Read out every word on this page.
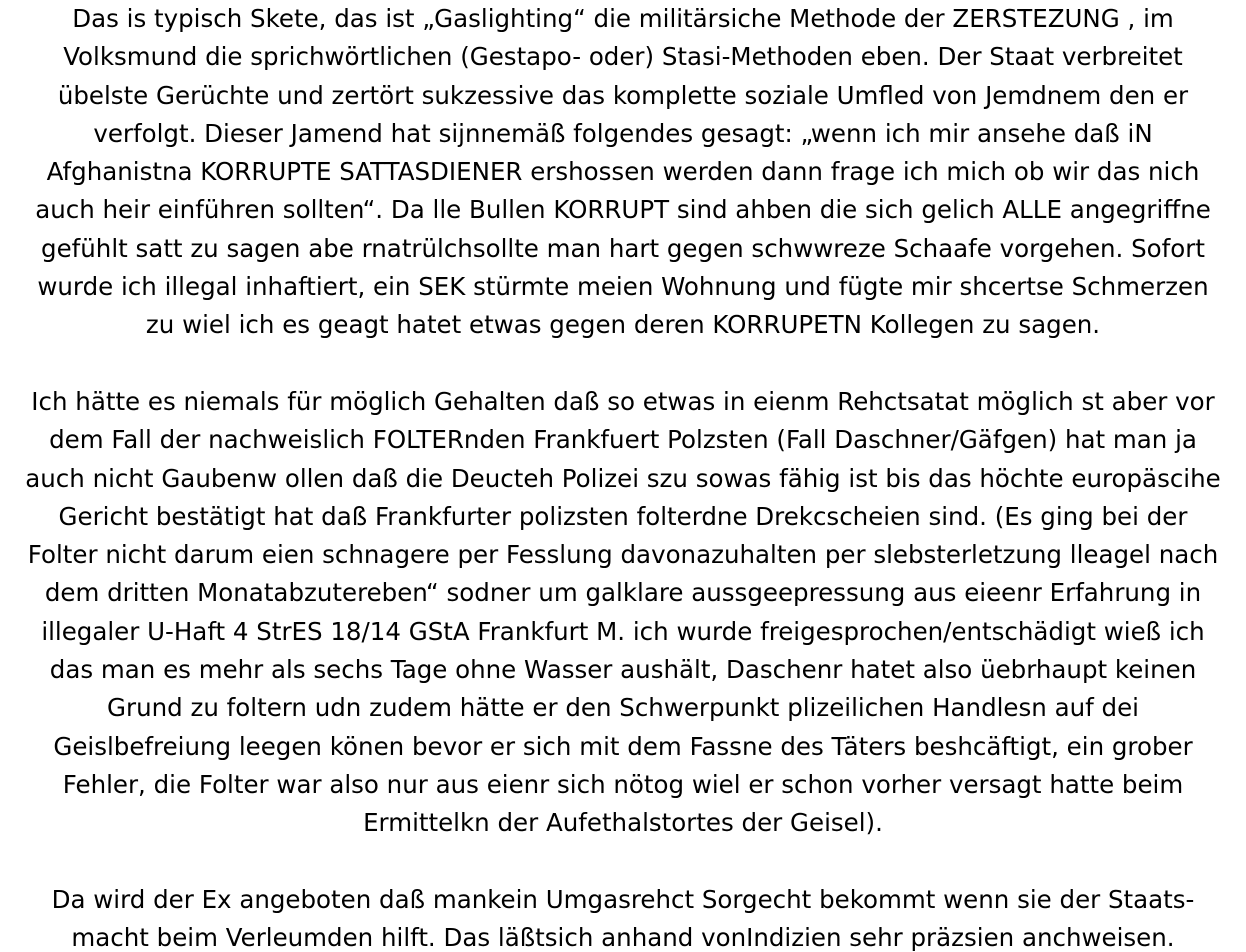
Das is typisch Skete, das ist „Gaslighting“ die militärsiche Methode der ZERSTEZUNG , im
Volksmund die sprichwörtlichen (Gestapo- oder) Stasi-Methoden eben. Der Staat verbreitet
übelste Gerüchte und zertört sukzessive das komplette soziale Umfled von Jemdnem den er
verfolgt. Dieser Jamend hat sijnnemäß folgendes gesagt: „wenn ich mir ansehe daß iN
Afghanistna KORRUPTE SATTASDIENER ershossen werden dann frage ich mich ob wir das nich
auch heir einführen sollten“. Da lle Bullen KORRUPT sind ahben die sich gelich ALLE angegriffne
gefühlt satt zu sagen abe rnatrülchsollte man hart gegen schwwreze Schaafe vorgehen. Sofort
wurde ich illegal inhaftiert, ein SEK stürmte meien Wohnung und fügte mir shcertse Schmerzen
zu wiel ich es geagt hatet etwas gegen deren KORRUPETN Kollegen zu sagen.
Ich hätte es niemals für möglich Gehalten daß so etwas in eienm Rehctsatat möglich st aber vor
dem Fall der nachweislich FOLTERnden Frankfuert Polzsten (Fall Daschner/Gäfgen) hat man ja
auch nicht Gaubenw ollen daß die Deucteh Polizei szu sowas fähig ist bis das höchte europäscihe
Gericht bestätigt hat daß Frankfurter polizsten folterdne Drekcscheien sind. (Es ging bei der
Folter nicht darum eien schnagere per Fesslung davonazuhalten per slebsterletzung lleagel nach
dem dritten Monatabzutereben“ sodner um galklare aussgeepressung aus eieenr Erfahrung in
illegaler U-Haft 4 StrES 18/14 GStA Frankfurt M. ich wurde freigesprochen/entschädigt wieß ich
das man es mehr als sechs Tage ohne Wasser aushält, Daschenr hatet also üebrhaupt keinen
Grund zu foltern udn zudem hätte er den Schwerpunkt plizeilichen Handlesn auf dei
Geislbefreiung leegen könen bevor er sich mit dem Fassne des Täters beshcäftigt, ein grober
Fehler, die Folter war also nur aus eienr sich nötog wiel er schon vorher versagt hatte beim
Ermittelkn der Aufethalstortes der Geisel).
Da wird der Ex angeboten daß mankein Umgasrehct Sorgecht bekommt wenn sie der Staats-
macht beim Verleumden hilft. Das läßtsich anhand vonIndizien sehr präzsien anchweisen.
